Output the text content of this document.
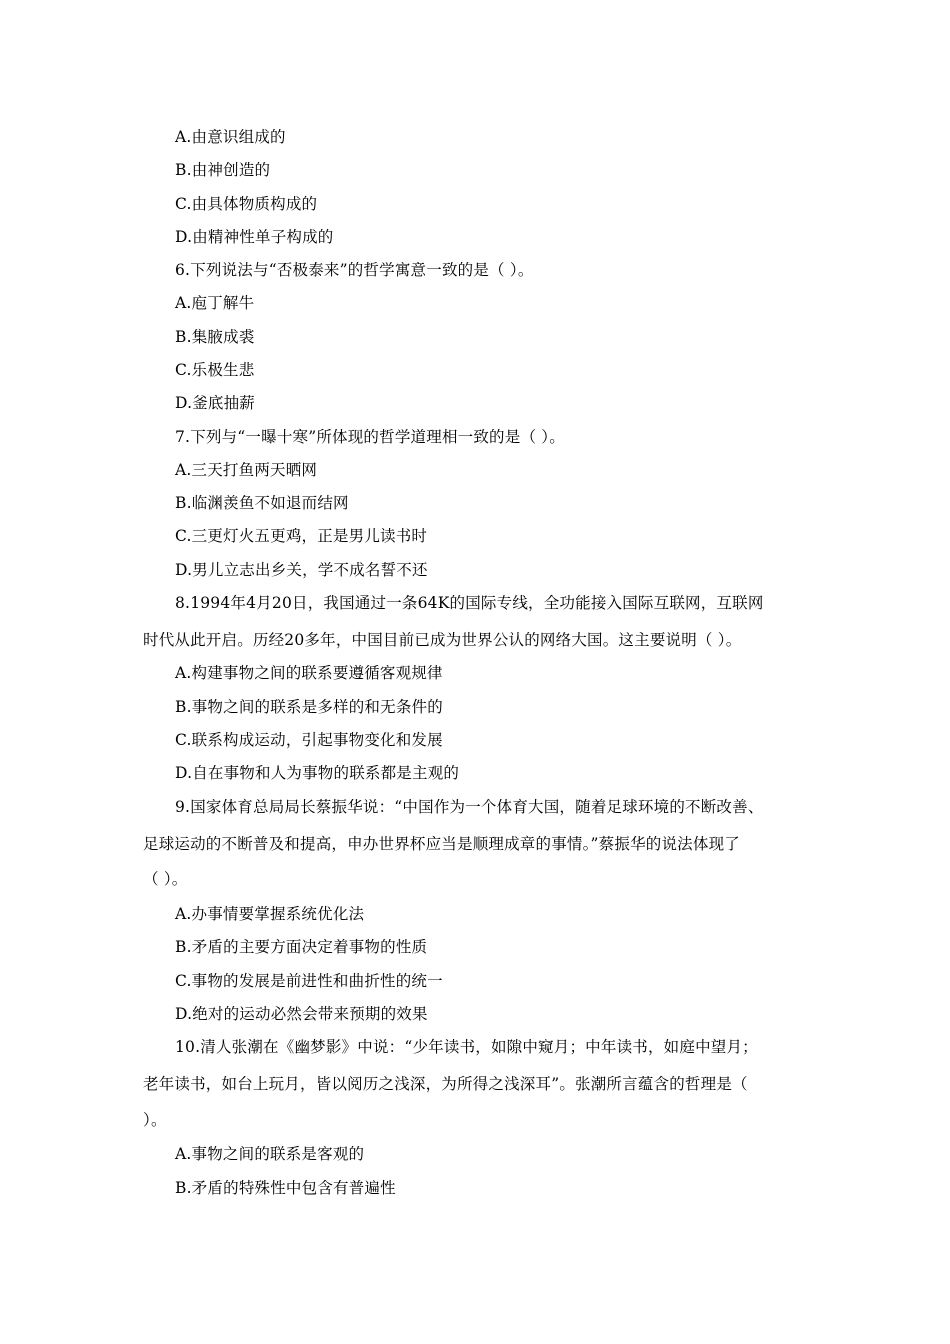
A.由意识组成的
B.由神创造的
C.由具体物质构成的
D.由精神性单子构成的
6.下列说法与“否极泰来”的哲学寓意一致的是（ ）。
A.庖丁解牛
B.集腋成裘
C.乐极生悲
D.釜底抽薪
7.下列与“一曝十寒”所体现的哲学道理相一致的是（ ）。
A.三天打鱼两天晒网
B.临渊羡鱼不如退而结网
C.三更灯火五更鸡，正是男儿读书时
D.男儿立志出乡关，学不成名誓不还
8.1994年4月20日，我国通过一条64K的国际专线，全功能接入国际互联网，互联网
时代从此开启。历经20多年，中国目前已成为世界公认的网络大国。这主要说明（ ）。
A.构建事物之间的联系要遵循客观规律
B.事物之间的联系是多样的和无条件的
C.联系构成运动，引起事物变化和发展
D.自在事物和人为事物的联系都是主观的
9.国家体育总局局长蔡振华说：“中国作为一个体育大国，随着足球环境的不断改善、
足球运动的不断普及和提高，申办世界杯应当是顺理成章的事情。”蔡振华的说法体现了
（ ）。
A.办事情要掌握系统优化法
B.矛盾的主要方面决定着事物的性质
C.事物的发展是前进性和曲折性的统一
D.绝对的运动必然会带来预期的效果
10.清人张潮在《幽梦影》中说：“少年读书，如隙中窥月；中年读书，如庭中望月；
老年读书，如台上玩月，皆以阅历之浅深，为所得之浅深耳”。张潮所言蕴含的哲理是（
）。
A.事物之间的联系是客观的
B.矛盾的特殊性中包含有普遍性
